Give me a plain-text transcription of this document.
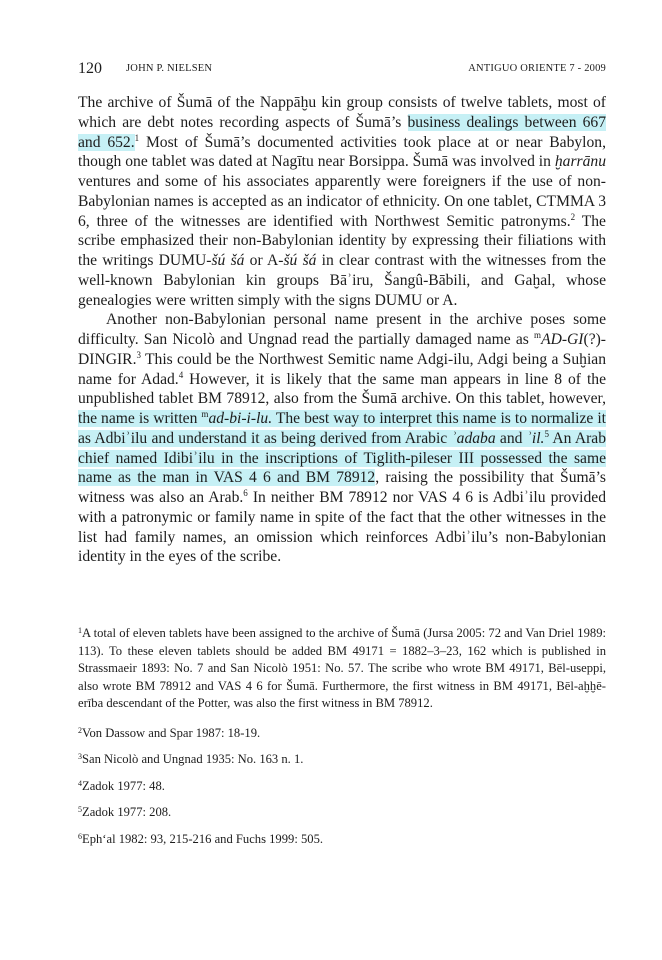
120 JOHN P. NIELSEN	ANTIGUO ORIENTE 7 - 2009

The archive of Šumā of the Nappāḫu kin group consists of twelve tablets, most of which are debt notes recording aspects of Šumā’s business dealings between 667 and 652.$^1$ Most of Šumā’s documented activities took place at or near Babylon, though one tablet was dated at Nagītu near Borsippa. Šumā was involved in ḫarrānu ventures and some of his associates apparently were foreigners if the use of non-Babylonian names is accepted as an indicator of ethnicity. On one tablet, CTMMA 3 6, three of the witnesses are identified with Northwest Semitic patronyms.$^2$ The scribe emphasized their non-Babylonian identity by expressing their filiations with the writings DUMU-šú šá or A-šú šá in clear contrast with the witnesses from the well-known Babylonian kin groups Bāʾiru, Šangû-Bābili, and Gaḫal, whose genealogies were written simply with the signs DUMU or A.

Another non-Babylonian personal name present in the archive poses some difficulty. San Nicolò and Ungnad read the partially damaged name as $^m$AD-GI(?)-DINGIR.$^3$ This could be the Northwest Semitic name Adgi-ilu, Adgi being a Suḫian name for Adad.$^4$ However, it is likely that the same man appears in line 8 of the unpublished tablet BM 78912, also from the Šumā archive. On this tablet, however, the name is written $^m$ad-bi-i-lu. The best way to interpret this name is to normalize it as Adbiʾilu and understand it as being derived from Arabic ʾadaba and ʾil.$^5$ An Arab chief named Idibiʾilu in the inscriptions of Tiglith-pileser III possessed the same name as the man in VAS 4 6 and BM 78912, raising the possibility that Šumā’s witness was also an Arab.$^6$ In neither BM 78912 nor VAS 4 6 is Adbiʾilu provided with a patronymic or family name in spite of the fact that the other witnesses in the list had family names, an omission which reinforces Adbiʾilu’s non-Babylonian identity in the eyes of the scribe.

$^1$A total of eleven tablets have been assigned to the archive of Šumā (Jursa 2005: 72 and Van Driel 1989: 113). To these eleven tablets should be added BM 49171 = 1882–3–23, 162 which is published in Strassmaeir 1893: No. 7 and San Nicolò 1951: No. 57. The scribe who wrote BM 49171, Bēl-useppi, also wrote BM 78912 and VAS 4 6 for Šumā. Furthermore, the first witness in BM 49171, Bēl-aḫḫē-erība descendant of the Potter, was also the first witness in BM 78912.

$^2$Von Dassow and Spar 1987: 18-19.

$^3$San Nicolò and Ungnad 1935: No. 163 n. 1.

$^4$Zadok 1977: 48.

$^5$Zadok 1977: 208.

$^6$Eph‘al 1982: 93, 215-216 and Fuchs 1999: 505.
